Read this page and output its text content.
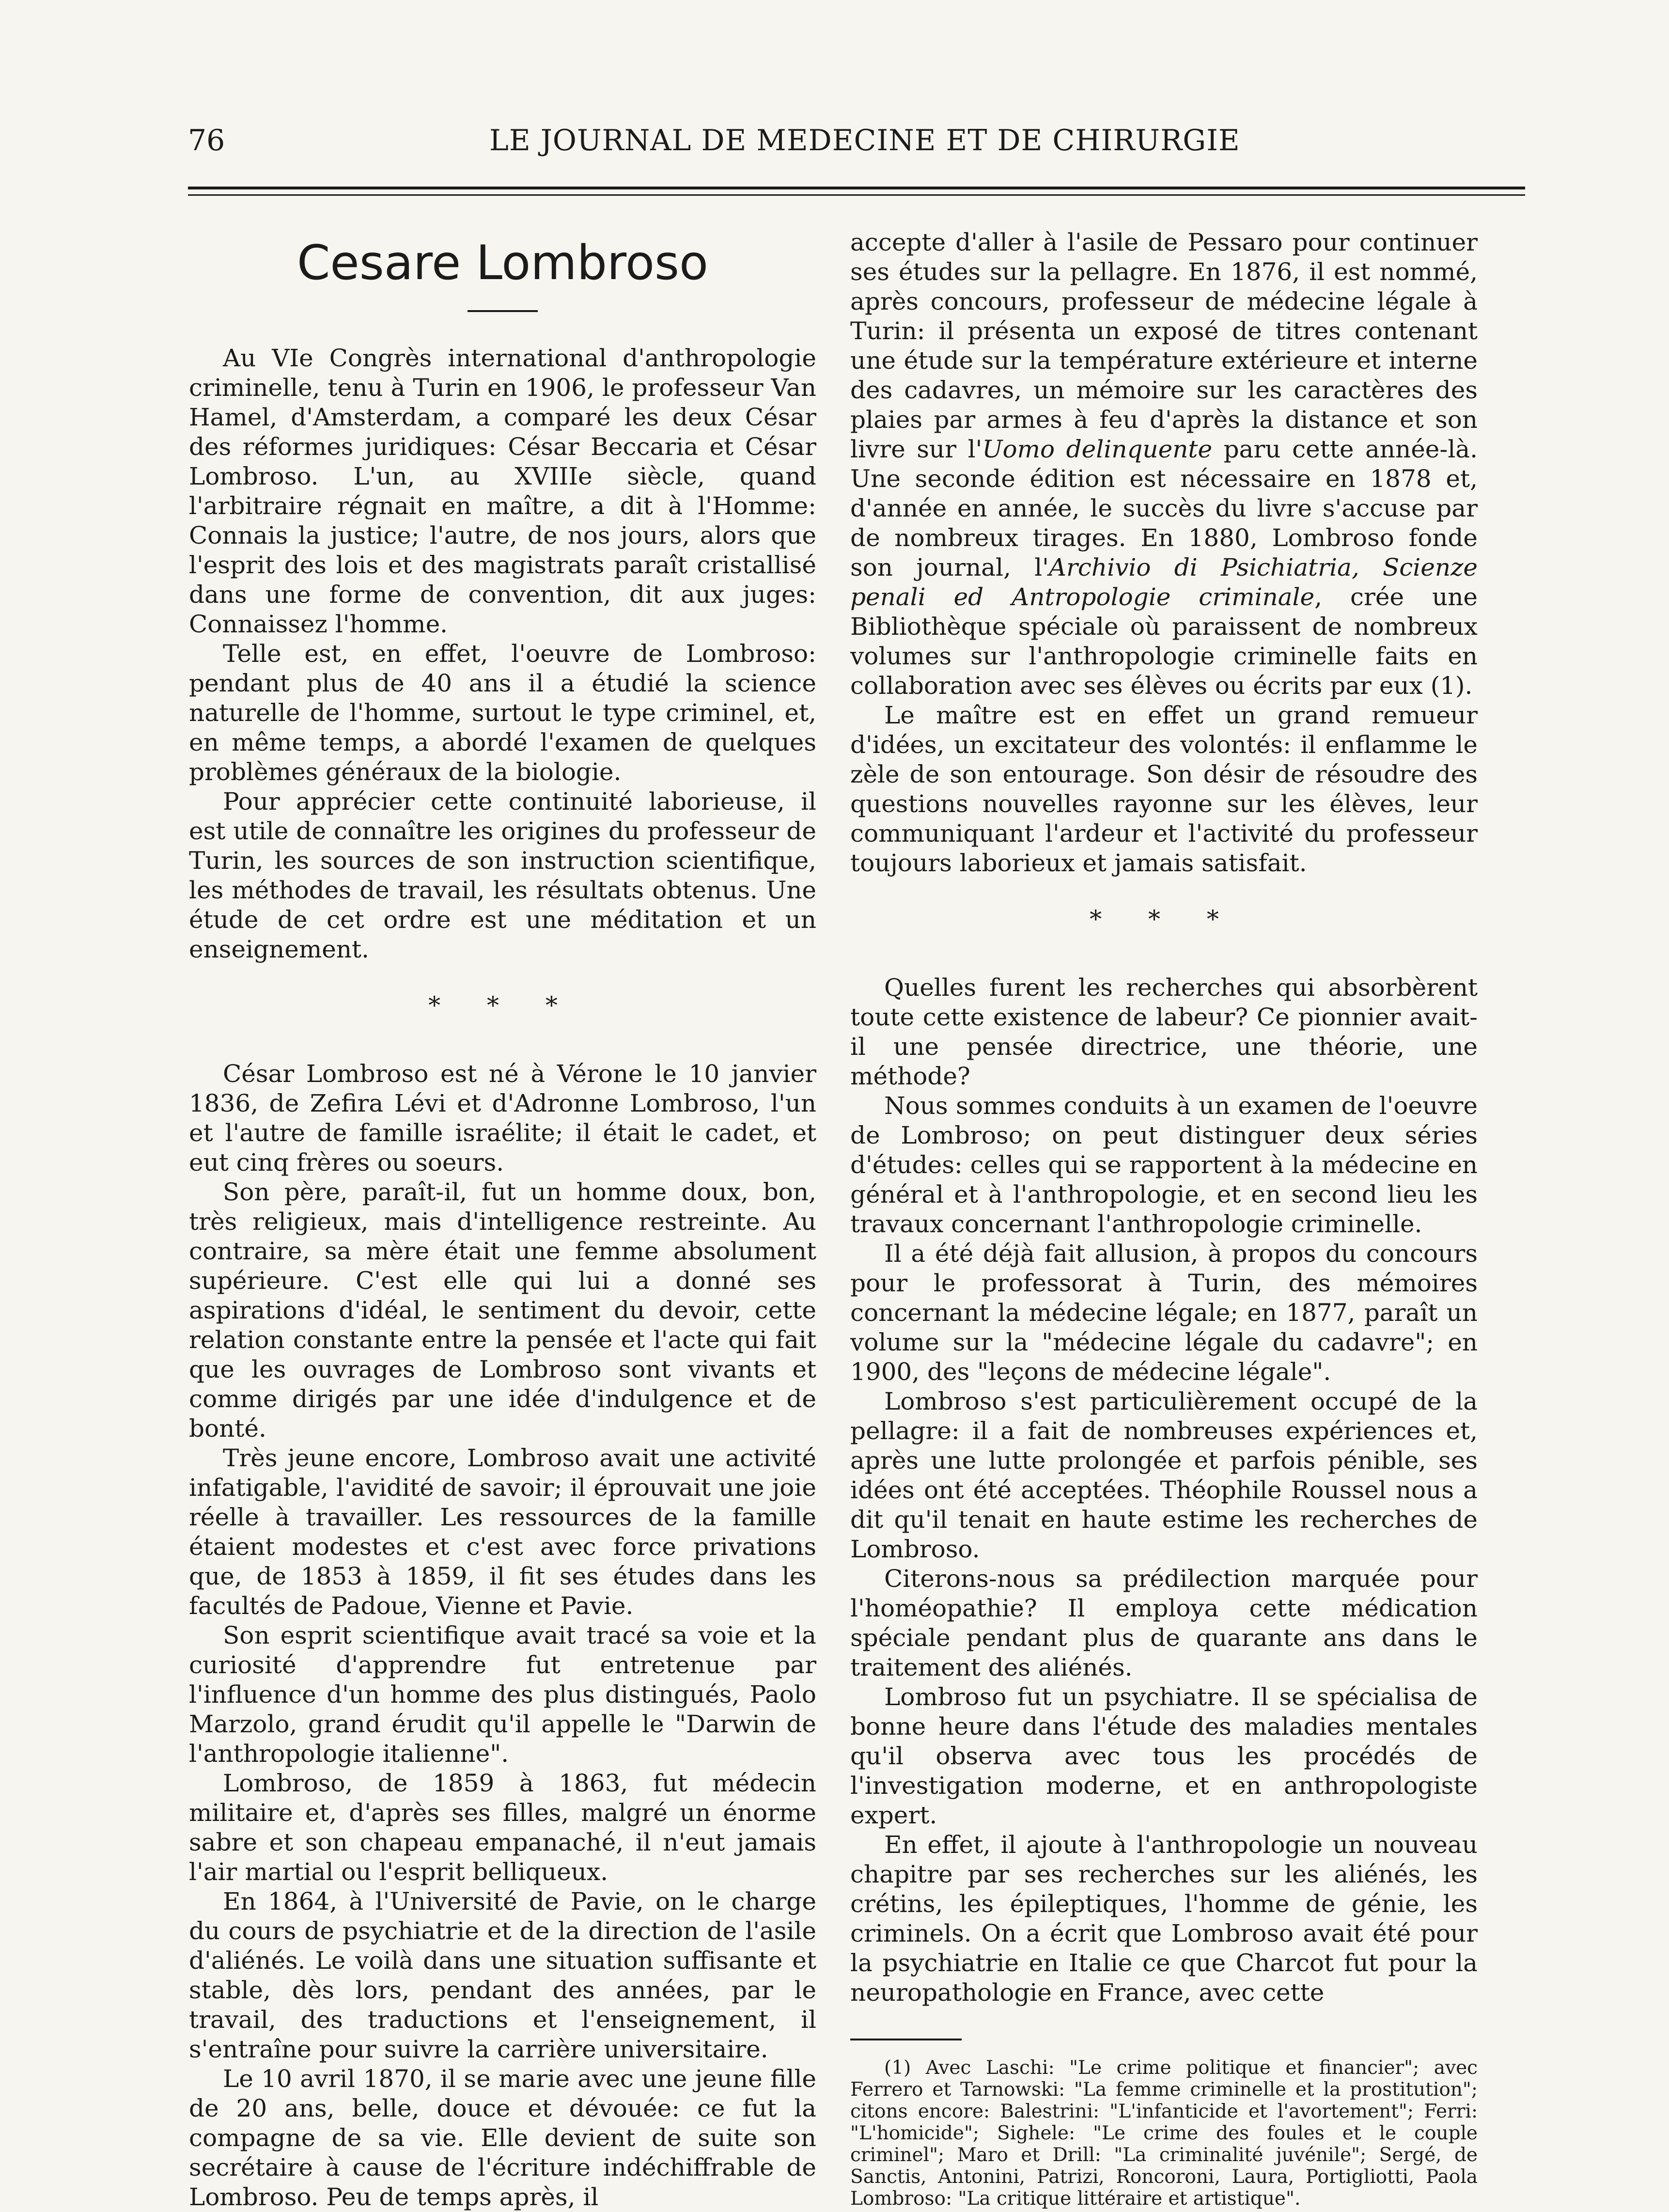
76	LE JOURNAL DE MEDECINE ET DE CHIRURGIE
Cesare Lombroso

Au VIe Congrès international d'anthropologie criminelle, tenu à Turin en 1906, le professeur Van Hamel, d'Amsterdam, a comparé les deux César des réformes juridiques: César Beccaria et César Lombroso. L'un, au XVIIIe siècle, quand l'arbitraire régnait en maître, a dit à l'Homme: Connais la justice; l'autre, de nos jours, alors que l'esprit des lois et des magistrats paraît cristallisé dans une forme de convention, dit aux juges: Connaissez l'homme.

Telle est, en effet, l'oeuvre de Lombroso: pendant plus de 40 ans il a étudié la science naturelle de l'homme, surtout le type criminel, et, en même temps, a abordé l'examen de quelques problèmes généraux de la biologie.

Pour apprécier cette continuité laborieuse, il est utile de connaître les origines du professeur de Turin, les sources de son instruction scientifique, les méthodes de travail, les résultats obtenus. Une étude de cet ordre est une méditation et un enseignement.

* * *

César Lombroso est né à Vérone le 10 janvier 1836, de Zefira Lévi et d'Adronne Lombroso, l'un et l'autre de famille israélite; il était le cadet, et eut cinq frères ou soeurs.

Son père, paraît-il, fut un homme doux, bon, très religieux, mais d'intelligence restreinte. Au contraire, sa mère était une femme absolument supérieure. C'est elle qui lui a donné ses aspirations d'idéal, le sentiment du devoir, cette relation constante entre la pensée et l'acte qui fait que les ouvrages de Lombroso sont vivants et comme dirigés par une idée d'indulgence et de bonté.

Très jeune encore, Lombroso avait une activité infatigable, l'avidité de savoir; il éprouvait une joie réelle à travailler. Les ressources de la famille étaient modestes et c'est avec force privations que, de 1853 à 1859, il fit ses études dans les facultés de Padoue, Vienne et Pavie.

Son esprit scientifique avait tracé sa voie et la curiosité d'apprendre fut entretenue par l'influence d'un homme des plus distingués, Paolo Marzolo, grand érudit qu'il appelle le "Darwin de l'anthropologie italienne".

Lombroso, de 1859 à 1863, fut médecin militaire et, d'après ses filles, malgré un énorme sabre et son chapeau empanaché, il n'eut jamais l'air martial ou l'esprit belliqueux.

En 1864, à l'Université de Pavie, on le charge du cours de psychiatrie et de la direction de l'asile d'aliénés. Le voilà dans une situation suffisante et stable, dès lors, pendant des années, par le travail, des traductions et l'enseignement, il s'entraîne pour suivre la carrière universitaire.

Le 10 avril 1870, il se marie avec une jeune fille de 20 ans, belle, douce et dévouée: ce fut la compagne de sa vie. Elle devient de suite son secrétaire à cause de l'écriture indéchiffrable de Lombroso. Peu de temps après, il

accepte d'aller à l'asile de Pessaro pour continuer ses études sur la pellagre. En 1876, il est nommé, après concours, professeur de médecine légale à Turin: il présenta un exposé de titres contenant une étude sur la température extérieure et interne des cadavres, un mémoire sur les caractères des plaies par armes à feu d'après la distance et son livre sur l'Uomo delinquente paru cette année-là. Une seconde édition est nécessaire en 1878 et, d'année en année, le succès du livre s'accuse par de nombreux tirages. En 1880, Lombroso fonde son journal, l'Archivio di Psichiatria, Scienze penali ed Antropologie criminale, crée une Bibliothèque spéciale où paraissent de nombreux volumes sur l'anthropologie criminelle faits en collaboration avec ses élèves ou écrits par eux (1).

Le maître est en effet un grand remueur d'idées, un excitateur des volontés: il enflamme le zèle de son entourage. Son désir de résoudre des questions nouvelles rayonne sur les élèves, leur communiquant l'ardeur et l'activité du professeur toujours laborieux et jamais satisfait.

* * *

Quelles furent les recherches qui absorbèrent toute cette existence de labeur? Ce pionnier avait-il une pensée directrice, une théorie, une méthode?

Nous sommes conduits à un examen de l'oeuvre de Lombroso; on peut distinguer deux séries d'études: celles qui se rapportent à la médecine en général et à l'anthropologie, et en second lieu les travaux concernant l'anthropologie criminelle.

Il a été déjà fait allusion, à propos du concours pour le professorat à Turin, des mémoires concernant la médecine légale; en 1877, paraît un volume sur la "médecine légale du cadavre"; en 1900, des "leçons de médecine légale".

Lombroso s'est particulièrement occupé de la pellagre: il a fait de nombreuses expériences et, après une lutte prolongée et parfois pénible, ses idées ont été acceptées. Théophile Roussel nous a dit qu'il tenait en haute estime les recherches de Lombroso.

Citerons-nous sa prédilection marquée pour l'homéopathie? Il employa cette médication spéciale pendant plus de quarante ans dans le traitement des aliénés.

Lombroso fut un psychiatre. Il se spécialisa de bonne heure dans l'étude des maladies mentales qu'il observa avec tous les procédés de l'investigation moderne, et en anthropologiste expert.

En effet, il ajoute à l'anthropologie un nouveau chapitre par ses recherches sur les aliénés, les crétins, les épileptiques, l'homme de génie, les criminels. On a écrit que Lombroso avait été pour la psychiatrie en Italie ce que Charcot fut pour la neuropathologie en France, avec cette

(1) Avec Laschi: "Le crime politique et financier"; avec Ferrero et Tarnowski: "La femme criminelle et la prostitution"; citons encore: Balestrini: "L'infanticide et l'avortement"; Ferri: "L'homicide"; Sighele: "Le crime des foules et le couple criminel"; Maro et Drill: "La criminalité juvénile"; Sergé, de Sanctis, Antonini, Patrizi, Roncoroni, Laura, Portigliotti, Paola Lombroso: "La critique littéraire et artistique".
